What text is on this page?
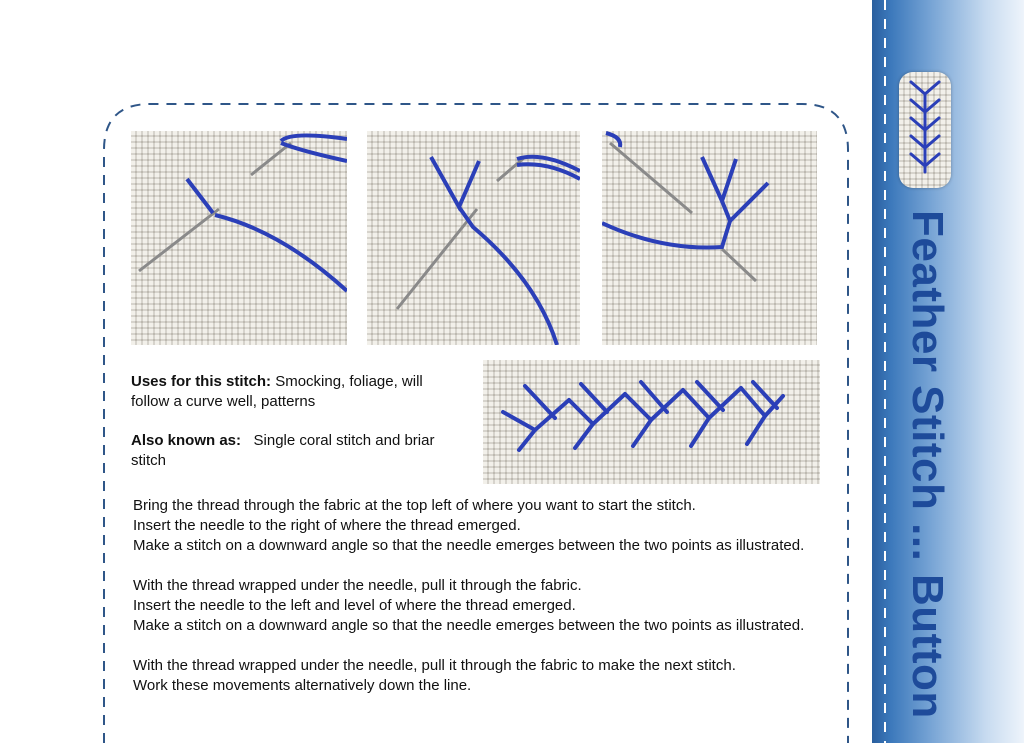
Uses for this stitch: Smocking, foliage, will follow a curve well, patterns
Also known as:   Single coral stitch and briar stitch

Bring the thread through the fabric at the top left of where you want to start the stitch.
Insert the needle to the right of where the thread emerged.
Make a stitch on a downward angle so that the needle emerges between the two points as illustrated.

With the thread wrapped under the needle, pull it through the fabric.
Insert the needle to the left and level of where the thread emerged.
Make a stitch on a downward angle so that the needle emerges between the two points as illustrated.

With the thread wrapped under the needle, pull it through the fabric to make the next stitch.
Work these movements alternatively down the line.	Feather Stitch ... Button
